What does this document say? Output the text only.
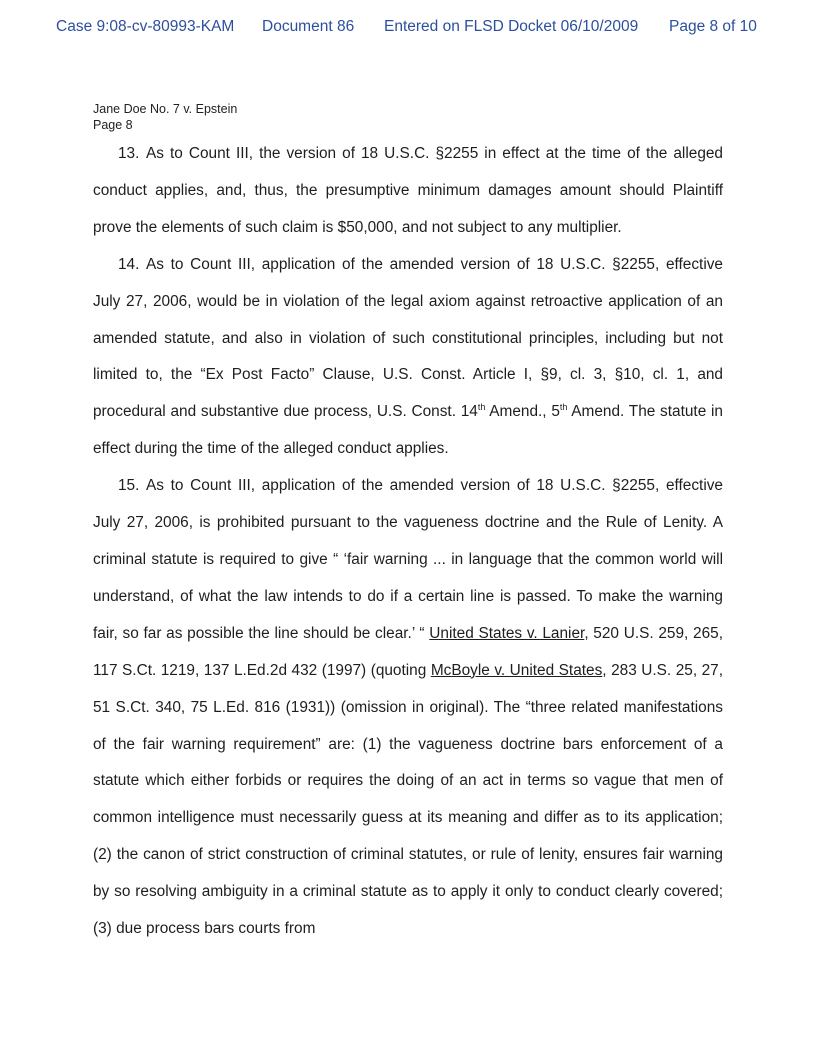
Case 9:08-cv-80993-KAM Document 86 Entered on FLSD Docket 06/10/2009 Page 8 of 10
Jane Doe No. 7 v. Epstein
Page 8

13. As to Count III, the version of 18 U.S.C. §2255 in effect at the time of the alleged conduct applies, and, thus, the presumptive minimum damages amount should Plaintiff prove the elements of such claim is $50,000, and not subject to any multiplier.

14. As to Count III, application of the amended version of 18 U.S.C. §2255, effective July 27, 2006, would be in violation of the legal axiom against retroactive application of an amended statute, and also in violation of such constitutional principles, including but not limited to, the “Ex Post Facto” Clause, U.S. Const. Article I, §9, cl. 3, §10, cl. 1, and procedural and substantive due process, U.S. Const. 14th Amend., 5th Amend. The statute in effect during the time of the alleged conduct applies.

15. As to Count III, application of the amended version of 18 U.S.C. §2255, effective July 27, 2006, is prohibited pursuant to the vagueness doctrine and the Rule of Lenity. A criminal statute is required to give “ ‘fair warning ... in language that the common world will understand, of what the law intends to do if a certain line is passed. To make the warning fair, so far as possible the line should be clear.’ “ United States v. Lanier, 520 U.S. 259, 265, 117 S.Ct. 1219, 137 L.Ed.2d 432 (1997) (quoting McBoyle v. United States, 283 U.S. 25, 27, 51 S.Ct. 340, 75 L.Ed. 816 (1931)) (omission in original). The “three related manifestations of the fair warning requirement” are: (1) the vagueness doctrine bars enforcement of a statute which either forbids or requires the doing of an act in terms so vague that men of common intelligence must necessarily guess at its meaning and differ as to its application; (2) the canon of strict construction of criminal statutes, or rule of lenity, ensures fair warning by so resolving ambiguity in a criminal statute as to apply it only to conduct clearly covered; (3) due process bars courts from
